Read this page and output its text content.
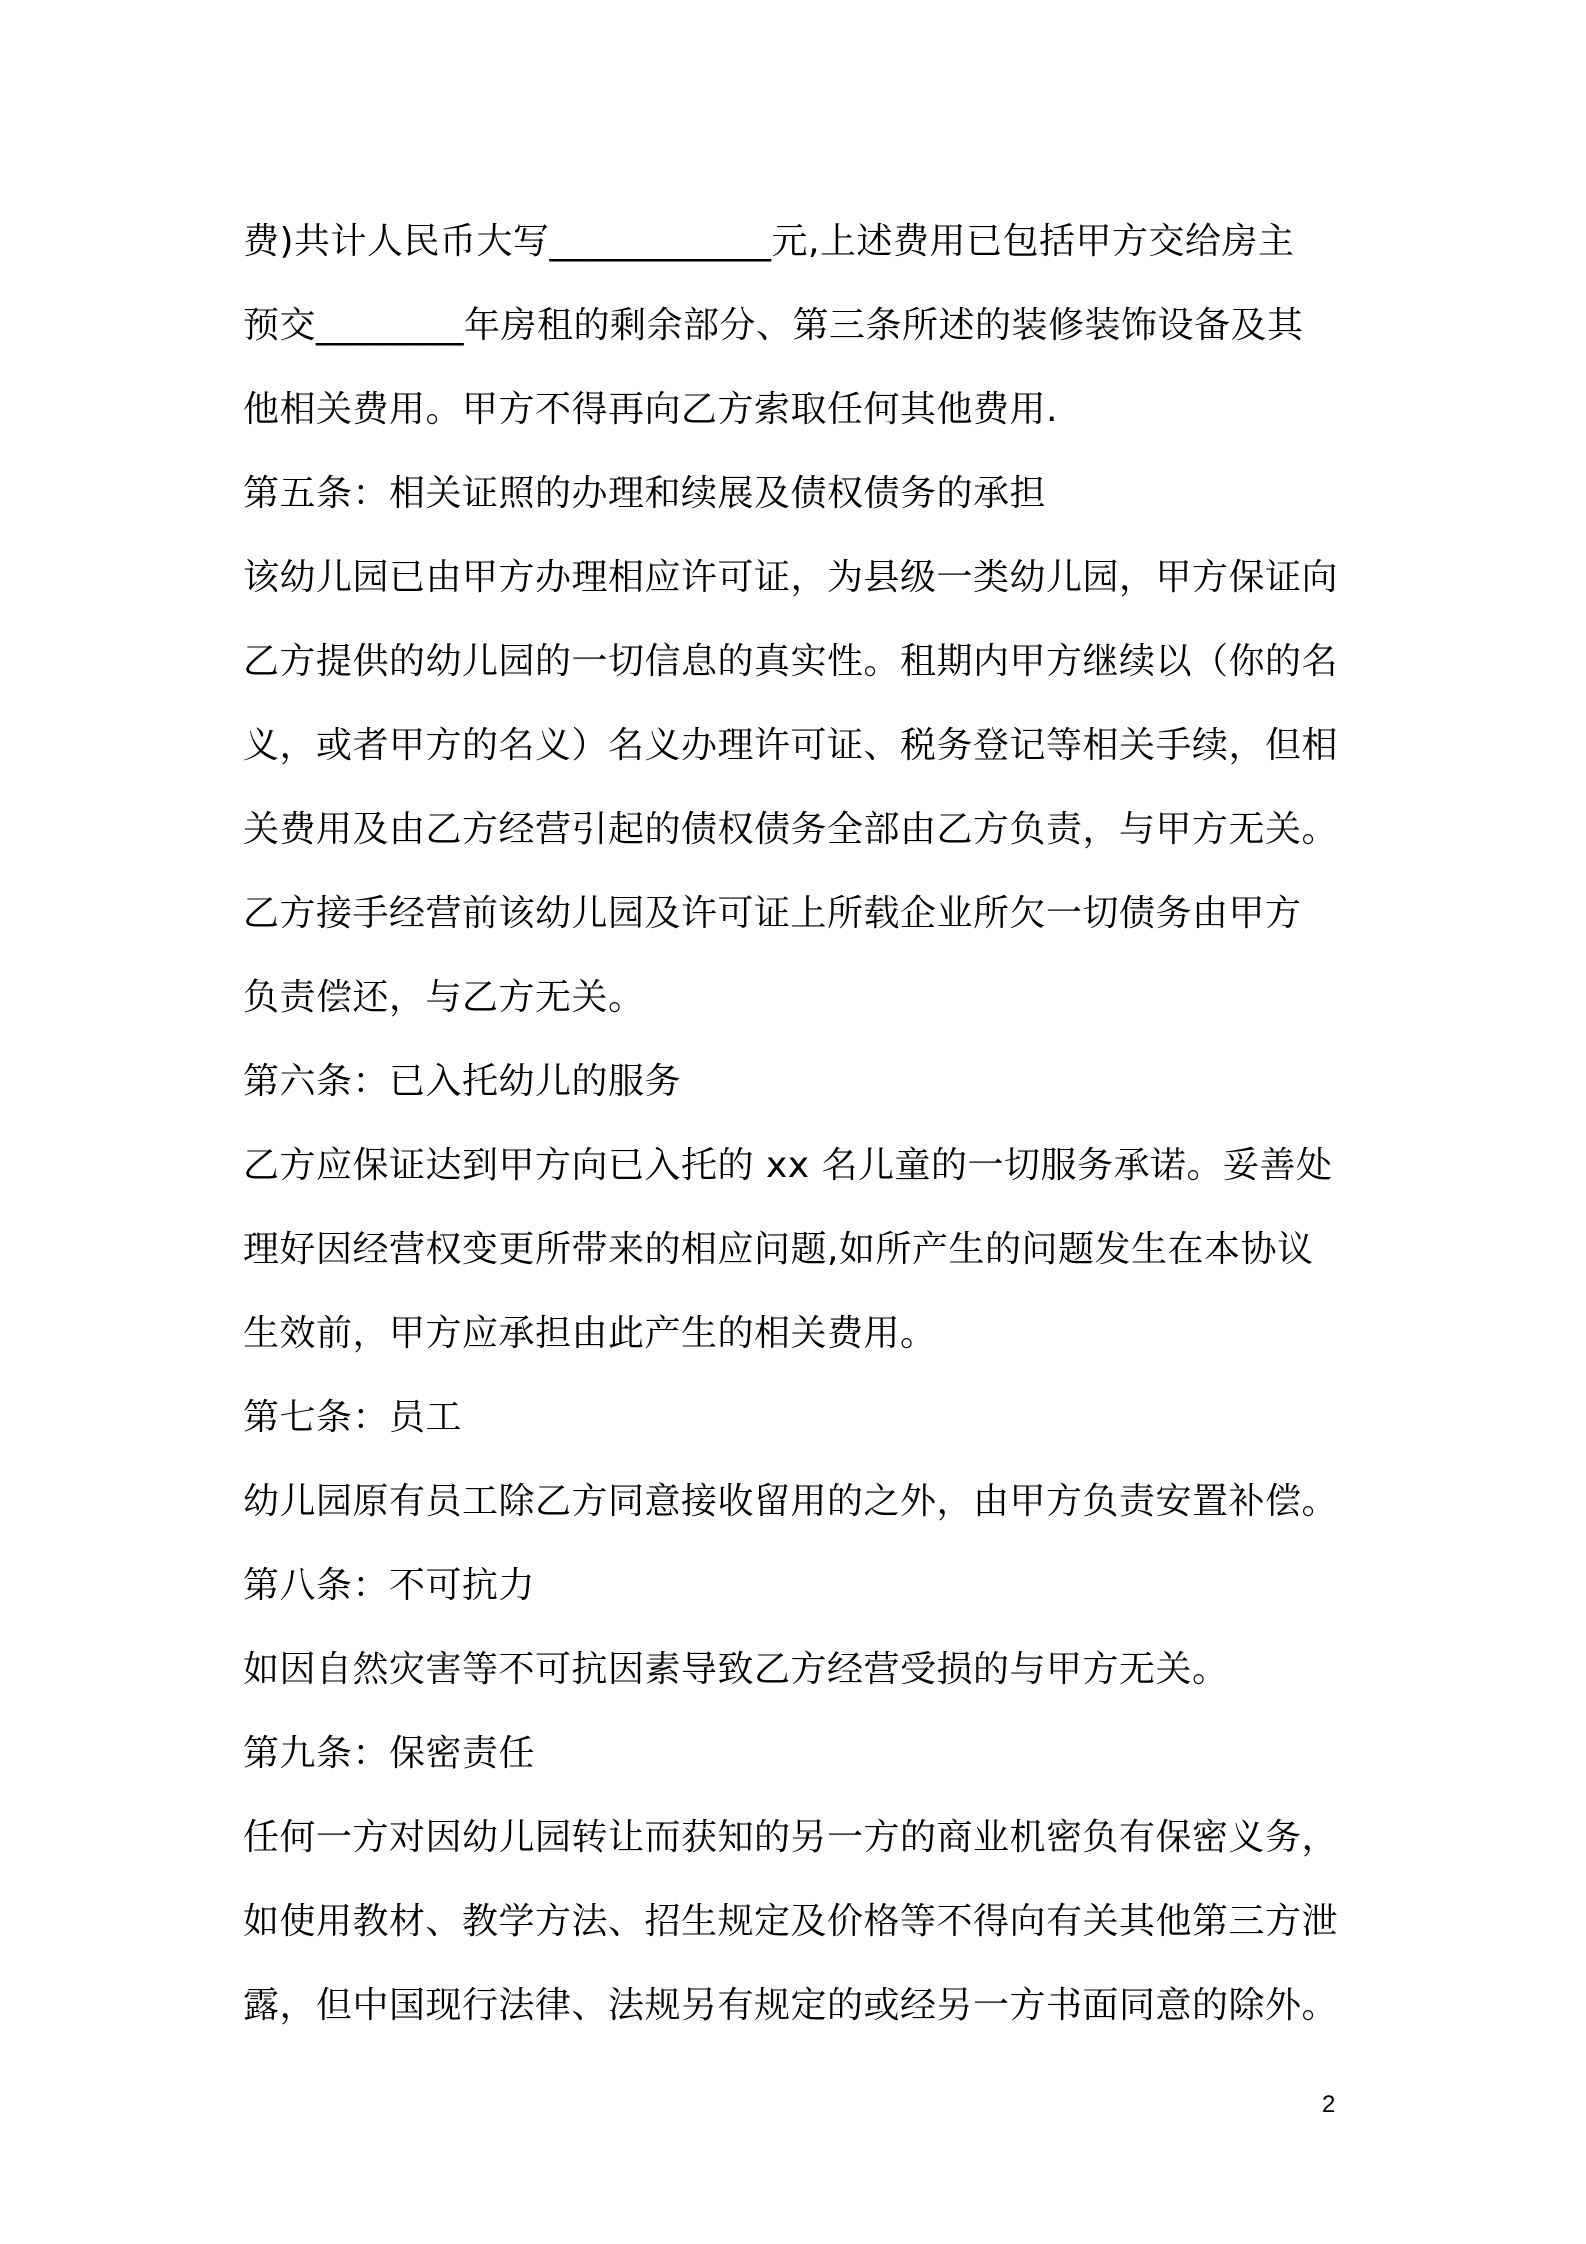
费)共计人民币大写____________元,上述费用已包括甲方交给房主
预交________年房租的剩余部分、第三条所述的装修装饰设备及其
他相关费用。甲方不得再向乙方索取任何其他费用.
第五条：相关证照的办理和续展及债权债务的承担
该幼儿园已由甲方办理相应许可证，为县级一类幼儿园，甲方保证向
乙方提供的幼儿园的一切信息的真实性。租期内甲方继续以（你的名
义，或者甲方的名义）名义办理许可证、税务登记等相关手续，但相
关费用及由乙方经营引起的债权债务全部由乙方负责，与甲方无关。
乙方接手经营前该幼儿园及许可证上所载企业所欠一切债务由甲方
负责偿还，与乙方无关。
第六条：已入托幼儿的服务
乙方应保证达到甲方向已入托的 xx 名儿童的一切服务承诺。妥善处
理好因经营权变更所带来的相应问题,如所产生的问题发生在本协议
生效前，甲方应承担由此产生的相关费用。
第七条：员工
幼儿园原有员工除乙方同意接收留用的之外，由甲方负责安置补偿。
第八条：不可抗力
如因自然灾害等不可抗因素导致乙方经营受损的与甲方无关。
第九条：保密责任
任何一方对因幼儿园转让而获知的另一方的商业机密负有保密义务，
如使用教材、教学方法、招生规定及价格等不得向有关其他第三方泄
露，但中国现行法律、法规另有规定的或经另一方书面同意的除外。
2
